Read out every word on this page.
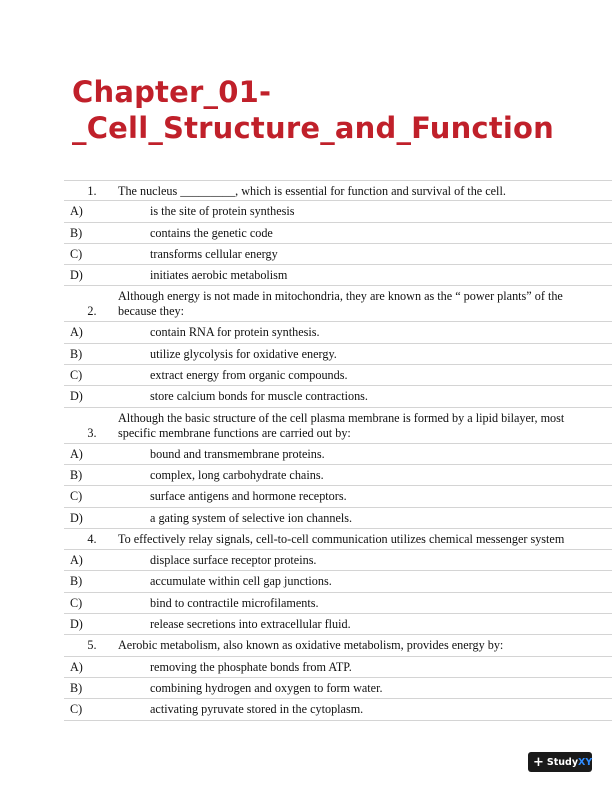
Chapter_01-
_Cell_Structure_and_Function
1. The nucleus _________, which is essential for function and survival of the cell.
A)	is the site of protein synthesis
B)	contains the genetic code
C)	transforms cellular energy
D)	initiates aerobic metabolism
2.
Although energy is not made in mitochondria, they are known as the “ power plants” of the
because they:
A)	contain RNA for protein synthesis.
B)	utilize glycolysis for oxidative energy.
C)	extract energy from organic compounds.
D)	store calcium bonds for muscle contractions.
3.
Although the basic structure of the cell plasma membrane is formed by a lipid bilayer, most
specific membrane functions are carried out by:
A)	bound and transmembrane proteins.
B)	complex, long carbohydrate chains.
C)	surface antigens and hormone receptors.
D)	a gating system of selective ion channels.
4. To effectively relay signals, cell-to-cell communication utilizes chemical messenger system
A)	displace surface receptor proteins.
B)	accumulate within cell gap junctions.
C)	bind to contractile microfilaments.
D)	release secretions into extracellular fluid.
5. Aerobic metabolism, also known as oxidative metabolism, provides energy by:
A)	removing the phosphate bonds from ATP.
B)	combining hydrogen and oxygen to form water.
C)	activating pyruvate stored in the cytoplasm.
+ StudyXY
